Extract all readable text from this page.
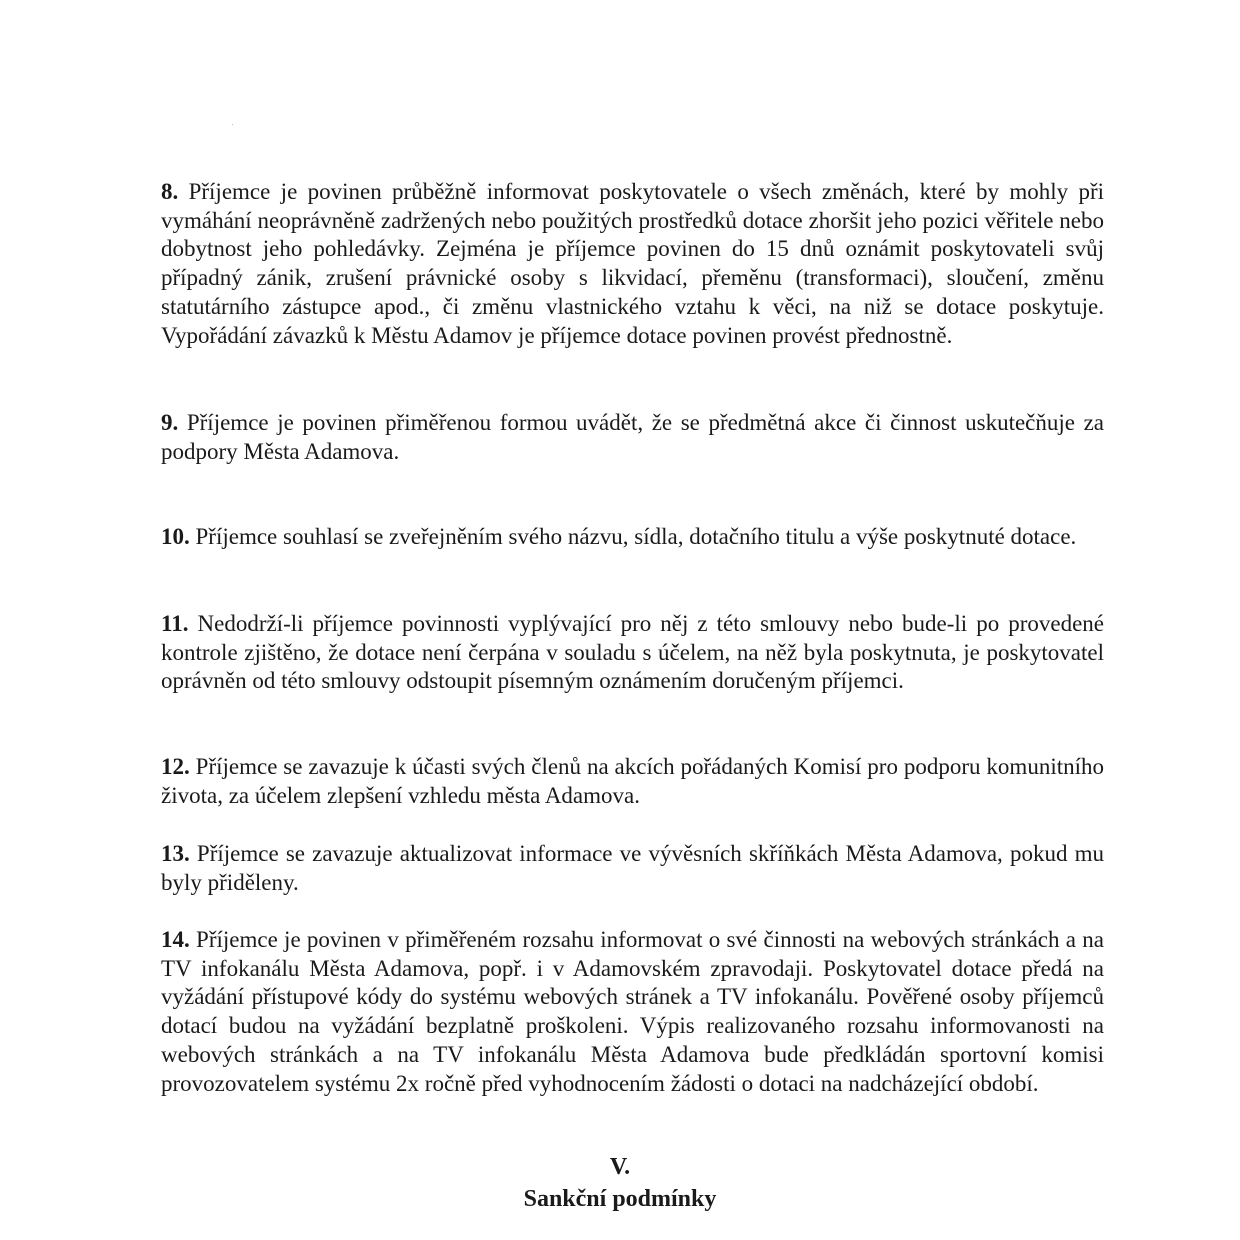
8. Příjemce je povinen průběžně informovat poskytovatele o všech změnách, které by mohly při vymáhání neoprávněně zadržených nebo použitých prostředků dotace zhoršit jeho pozici věřitele nebo dobytnost jeho pohledávky. Zejména je příjemce povinen do 15 dnů oznámit poskytovateli svůj případný zánik, zrušení právnické osoby s likvidací, přeměnu (transformaci), sloučení, změnu statutárního zástupce apod., či změnu vlastnického vztahu k věci, na niž se dotace poskytuje. Vypořádání závazků k Městu Adamov je příjemce dotace povinen provést přednostně.

9. Příjemce je povinen přiměřenou formou uvádět, že se předmětná akce či činnost uskutečňuje za podpory Města Adamova.

10. Příjemce souhlasí se zveřejněním svého názvu, sídla, dotačního titulu a výše poskytnuté dotace.

11. Nedodrží-li příjemce povinnosti vyplývající pro něj z této smlouvy nebo bude-li po provedené kontrole zjištěno, že dotace není čerpána v souladu s účelem, na něž byla poskytnuta, je poskytovatel oprávněn od této smlouvy odstoupit písemným oznámením doručeným příjemci.

12. Příjemce se zavazuje k účasti svých členů na akcích pořádaných Komisí pro podporu komunitního života, za účelem zlepšení vzhledu města Adamova.

13. Příjemce se zavazuje aktualizovat informace ve vývěsních skříňkách Města Adamova, pokud mu byly přiděleny.

14. Příjemce je povinen v přiměřeném rozsahu informovat o své činnosti na webových stránkách a na TV infokanálu Města Adamova, popř. i v Adamovském zpravodaji. Poskytovatel dotace předá na vyžádání přístupové kódy do systému webových stránek a TV infokanálu. Pověřené osoby příjemců dotací budou na vyžádání bezplatně proškoleni. Výpis realizovaného rozsahu informovanosti na webových stránkách a na TV infokanálu Města Adamova bude předkládán sportovní komisi provozovatelem systému 2x ročně před vyhodnocením žádosti o dotaci na nadcházející období.

V.
Sankční podmínky
